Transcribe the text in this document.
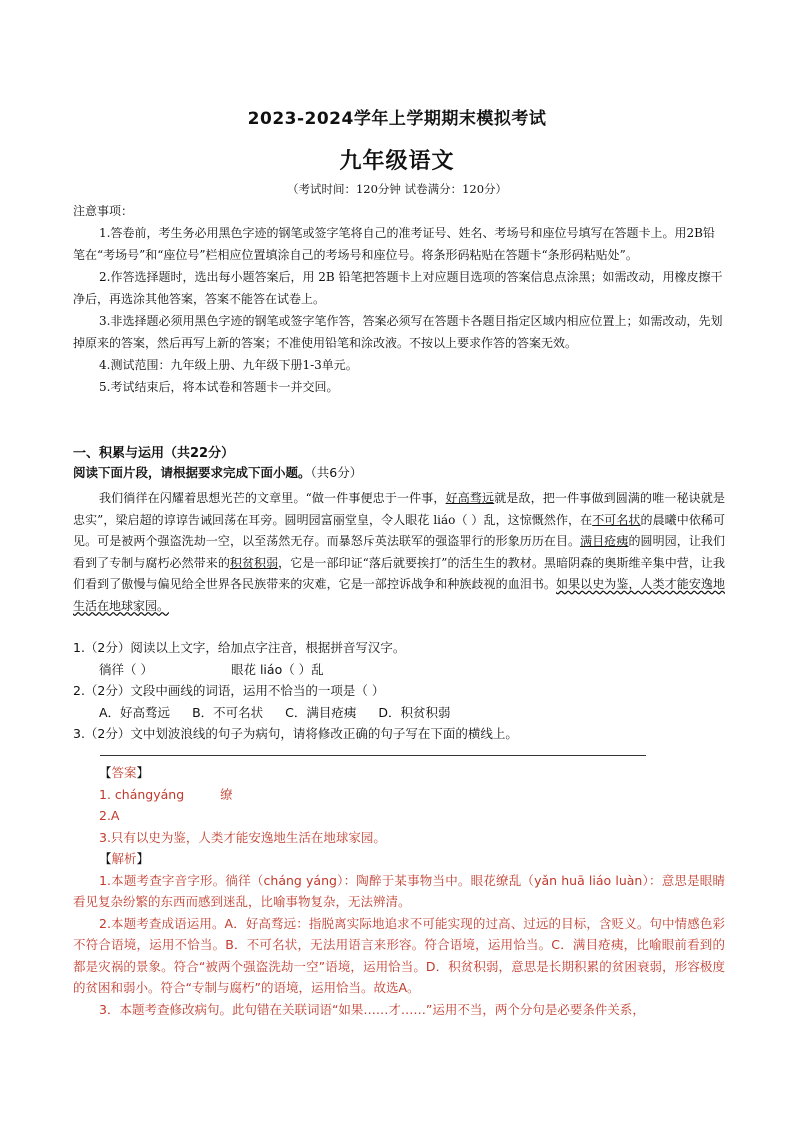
2023-2024学年上学期期末模拟考试
九年级语文
（考试时间：120分钟 试卷满分：120分）

注意事项：

1.答卷前，考生务必用黑色字迹的钢笔或签字笔将自己的准考证号、姓名、考场号和座位号填写在答题卡上。用2B铅笔在“考场号”和“座位号”栏相应位置填涂自己的考场号和座位号。将条形码粘贴在答题卡“条形码粘贴处”。

2.作答选择题时，选出每小题答案后，用 2B 铅笔把答题卡上对应题目选项的答案信息点涂黑；如需改动，用橡皮擦干净后，再选涂其他答案，答案不能答在试卷上。

3.非选择题必须用黑色字迹的钢笔或签字笔作答，答案必须写在答题卡各题目指定区域内相应位置上；如需改动，先划掉原来的答案，然后再写上新的答案；不准使用铅笔和涂改液。不按以上要求作答的答案无效。

4.测试范围：九年级上册、九年级下册1-3单元。

5.考试结束后，将本试卷和答题卡一并交回。

一、积累与运用（共22分）
阅读下面片段，请根据要求完成下面小题。（共6分）

我们徜徉在闪耀着思想光芒的文章里。“做一件事便忠于一件事，好高骛远就是敌，把一件事做到圆满的唯一秘诀就是忠实”，梁启超的谆谆告诫回荡在耳旁。圆明园富丽堂皇，令人眼花 liáo（ ）乱，这惊慨然作，在不可名状的晨曦中依稀可见。可是被两个强盗洗劫一空，以至荡然无存。而暴怒斥英法联军的强盗罪行的形象历历在目。满目疮痍的圆明园，让我们看到了专制与腐朽必然带来的积贫积弱，它是一部印证“落后就要挨打”的活生生的教材。黑暗阴森的奥斯维辛集中营，让我们看到了傲慢与偏见给全世界各民族带来的灾难，它是一部控诉战争和种族歧视的血泪书。如果以史为鉴，人类才能安逸地生活在地球家园。

1.（2分）阅读以上文字，给加点字注音，根据拼音写汉字。

徜徉（ ）	眼花 liáo（ ）乱

2.（2分）文段中画线的词语，运用不恰当的一项是（ ）

A．好高骛远 B．不可名状 C．满目疮痍 D．积贫积弱

3.（2分）文中划波浪线的句子为病句，请将修改正确的句子写在下面的横线上。

【答案】

1. chángyáng	缭

2.A

3.只有以史为鉴，人类才能安逸地生活在地球家园。

【解析】

1.本题考查字音字形。徜徉（cháng yáng）：陶醉于某事物当中。眼花缭乱（yǎn huā liáo luàn）：意思是眼睛看见复杂纷繁的东西而感到迷乱，比喻事物复杂，无法辨清。

2.本题考查成语运用。A．好高骛远：指脱离实际地追求不可能实现的过高、过远的目标，含贬义。句中情感色彩不符合语境，运用不恰当。B．不可名状，无法用语言来形容。符合语境，运用恰当。C．满目疮痍，比喻眼前看到的都是灾祸的景象。符合“被两个强盗洗劫一空”语境，运用恰当。D．积贫积弱，意思是长期积累的贫困衰弱，形容极度的贫困和弱小。符合“专制与腐朽”的语境，运用恰当。故选A。

3．本题考查修改病句。此句错在关联词语“如果……才……”运用不当，两个分句是必要条件关系，
